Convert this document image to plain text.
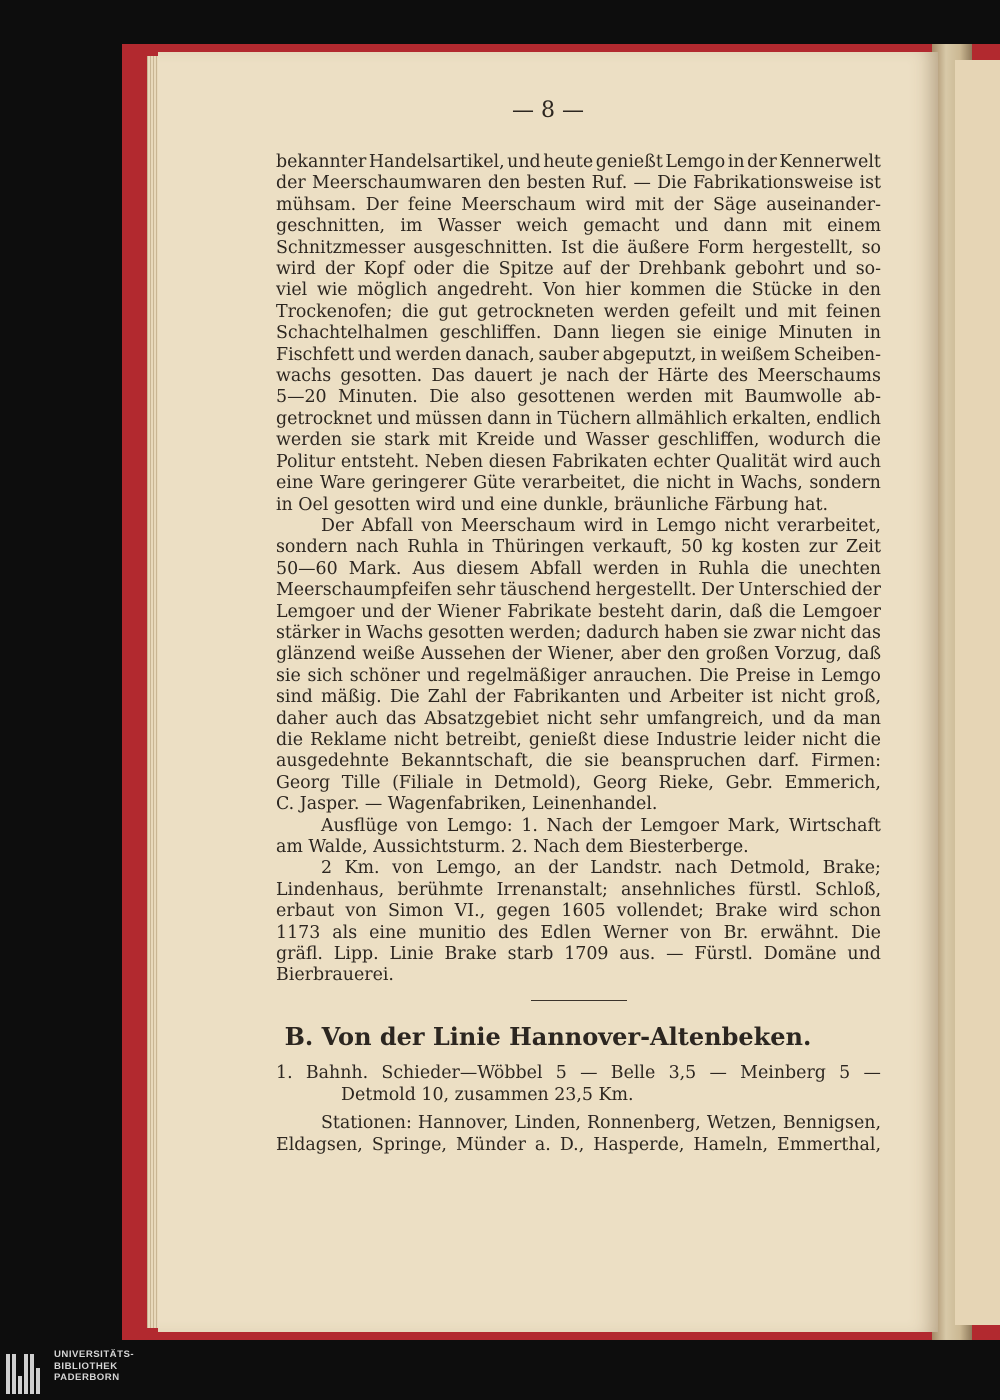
— 8 —
bekannter Handelsartikel, und heute genießt Lemgo in der Kennerwelt
der Meerschaumwaren den besten Ruf. — Die Fabrikationsweise ist
mühsam. Der feine Meerschaum wird mit der Säge auseinander-
geschnitten, im Wasser weich gemacht und dann mit einem
Schnitzmesser ausgeschnitten. Ist die äußere Form hergestellt, so
wird der Kopf oder die Spitze auf der Drehbank gebohrt und so-
viel wie möglich angedreht. Von hier kommen die Stücke in den
Trockenofen; die gut getrockneten werden gefeilt und mit feinen
Schachtelhalmen geschliffen. Dann liegen sie einige Minuten in
Fischfett und werden danach, sauber abgeputzt, in weißem Scheiben-
wachs gesotten. Das dauert je nach der Härte des Meerschaums
5—20 Minuten. Die also gesottenen werden mit Baumwolle ab-
getrocknet und müssen dann in Tüchern allmählich erkalten, endlich
werden sie stark mit Kreide und Wasser geschliffen, wodurch die
Politur entsteht. Neben diesen Fabrikaten echter Qualität wird auch
eine Ware geringerer Güte verarbeitet, die nicht in Wachs, sondern
in Oel gesotten wird und eine dunkle, bräunliche Färbung hat.
Der Abfall von Meerschaum wird in Lemgo nicht verarbeitet,
sondern nach Ruhla in Thüringen verkauft, 50 kg kosten zur Zeit
50—60 Mark. Aus diesem Abfall werden in Ruhla die unechten
Meerschaumpfeifen sehr täuschend hergestellt. Der Unterschied der
Lemgoer und der Wiener Fabrikate besteht darin, daß die Lemgoer
stärker in Wachs gesotten werden; dadurch haben sie zwar nicht das
glänzend weiße Aussehen der Wiener, aber den großen Vorzug, daß
sie sich schöner und regelmäßiger anrauchen. Die Preise in Lemgo
sind mäßig. Die Zahl der Fabrikanten und Arbeiter ist nicht groß,
daher auch das Absatzgebiet nicht sehr umfangreich, und da man
die Reklame nicht betreibt, genießt diese Industrie leider nicht die
ausgedehnte Bekanntschaft, die sie beanspruchen darf. Firmen:
Georg Tille (Filiale in Detmold), Georg Rieke, Gebr. Emmerich,
C. Jasper. — Wagenfabriken, Leinenhandel.
Ausflüge von Lemgo: 1. Nach der Lemgoer Mark, Wirtschaft
am Walde, Aussichtsturm. 2. Nach dem Biesterberge.
2 Km. von Lemgo, an der Landstr. nach Detmold, Brake;
Lindenhaus, berühmte Irrenanstalt; ansehnliches fürstl. Schloß,
erbaut von Simon VI., gegen 1605 vollendet; Brake wird schon
1173 als eine munitio des Edlen Werner von Br. erwähnt. Die
gräfl. Lipp. Linie Brake starb 1709 aus. — Fürstl. Domäne und
Bierbrauerei.
B. Von der Linie Hannover-Altenbeken.
1. Bahnh. Schieder—Wöbbel 5 — Belle 3,5 — Meinberg 5 —
Detmold 10, zusammen 23,5 Km.
Stationen: Hannover, Linden, Ronnenberg, Wetzen, Bennigsen,
Eldagsen, Springe, Münder a. D., Hasperde, Hameln, Emmerthal,
UNIVERSITÄTS-
BIBLIOTHEK
PADERBORN
